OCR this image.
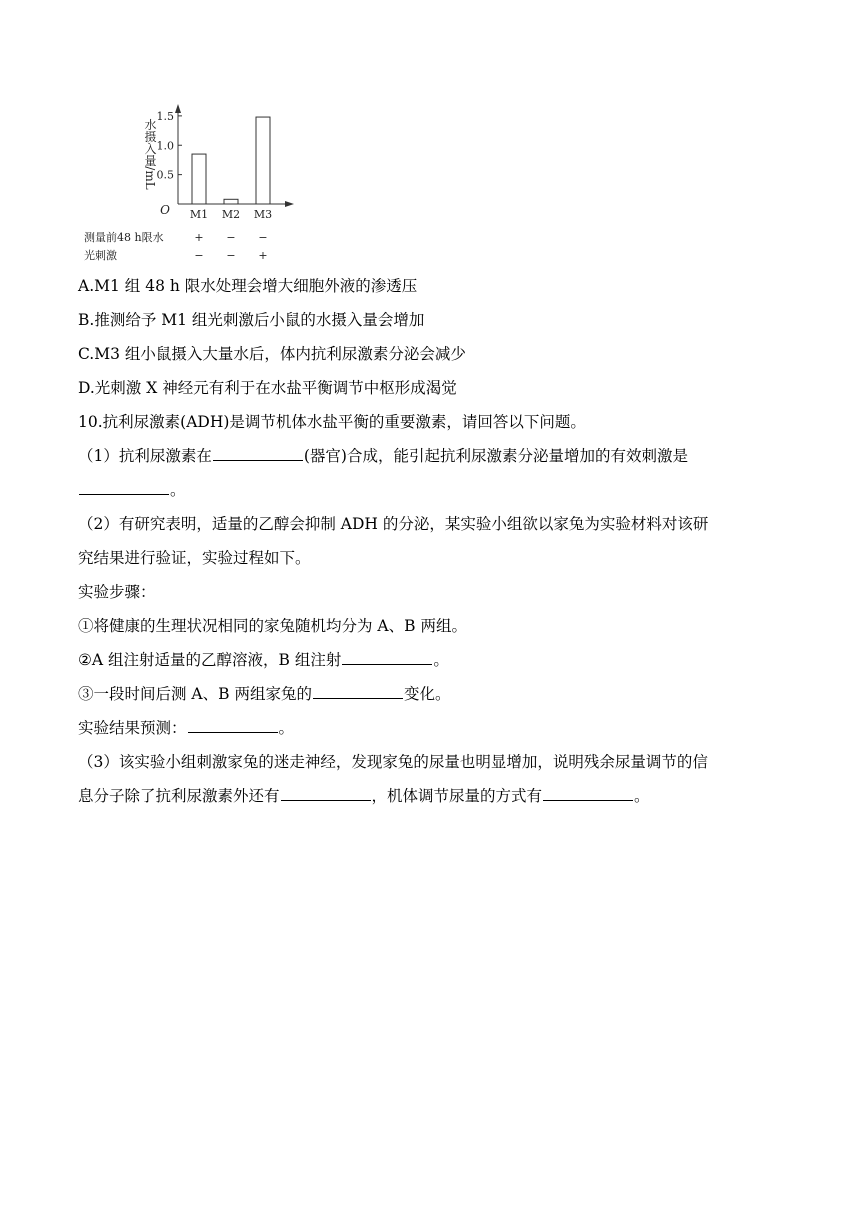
0.5
1.0
1.5
O
水摄入量/mL
M1 M2 M3
测量前48 h限水	+ − −
光刺激	− − +
A.M1 组 48 h 限水处理会增大细胞外液的渗透压
B.推测给予 M1 组光刺激后小鼠的水摄入量会增加
C.M3 组小鼠摄入大量水后，体内抗利尿激素分泌会减少
D.光刺激 X 神经元有利于在水盐平衡调节中枢形成渴觉
10.抗利尿激素(ADH)是调节机体水盐平衡的重要激素，请回答以下问题。
（1）抗利尿激素在	(器官)合成，能引起抗利尿激素分泌量增加的有效刺激是
。
（2）有研究表明，适量的乙醇会抑制 ADH 的分泌，某实验小组欲以家兔为实验材料对该研
究结果进行验证，实验过程如下。
实验步骤：
①将健康的生理状况相同的家兔随机均分为 A、B 两组。
②A 组注射适量的乙醇溶液，B 组注射	。
③一段时间后测 A、B 两组家兔的	变化。
实验结果预测：	。
（3）该实验小组刺激家兔的迷走神经，发现家兔的尿量也明显增加，说明残余尿量调节的信
息分子除了抗利尿激素外还有	，机体调节尿量的方式有	。
